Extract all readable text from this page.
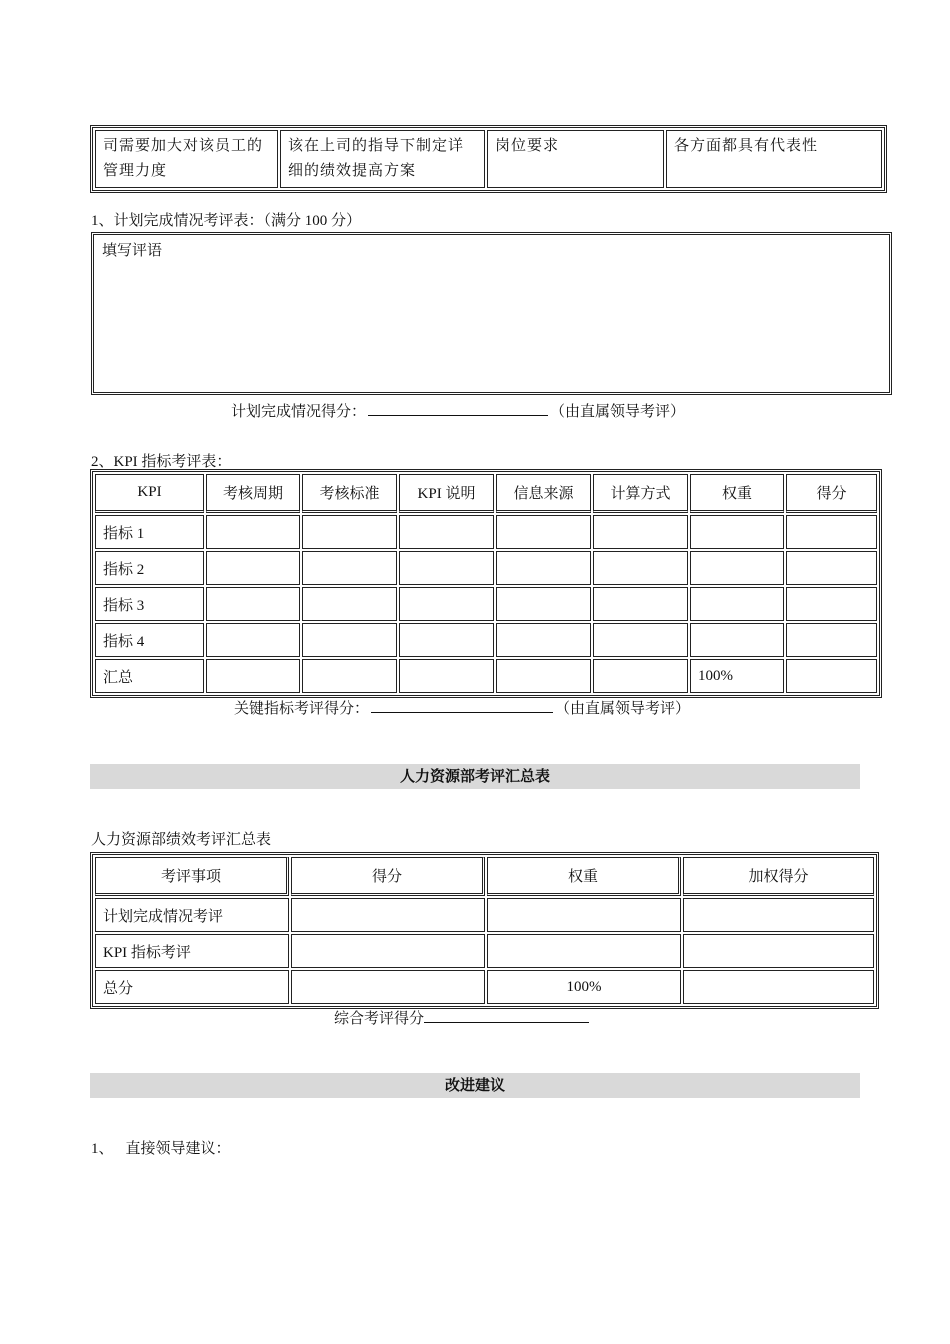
司需要加大对该员工的管理力度	该在上司的指导下制定详细的绩效提高方案	岗位要求	各方面都具有代表性
1、计划完成情况考评表：（满分 100 分）
填写评语
计划完成情况得分：	（由直属领导考评）
2、KPI 指标考评表：
KPI	考核周期	考核标准	KPI 说明	信息来源	计算方式	权重	得分
指标 1							
指标 2							
指标 3							
指标 4							
汇总						100%	
关键指标考评得分：	（由直属领导考评）
人力资源部考评汇总表
人力资源部绩效考评汇总表
考评事项	得分	权重	加权得分
计划完成情况考评			
KPI 指标考评			
总分		100%	
综合考评得分
改进建议
1、 直接领导建议：
